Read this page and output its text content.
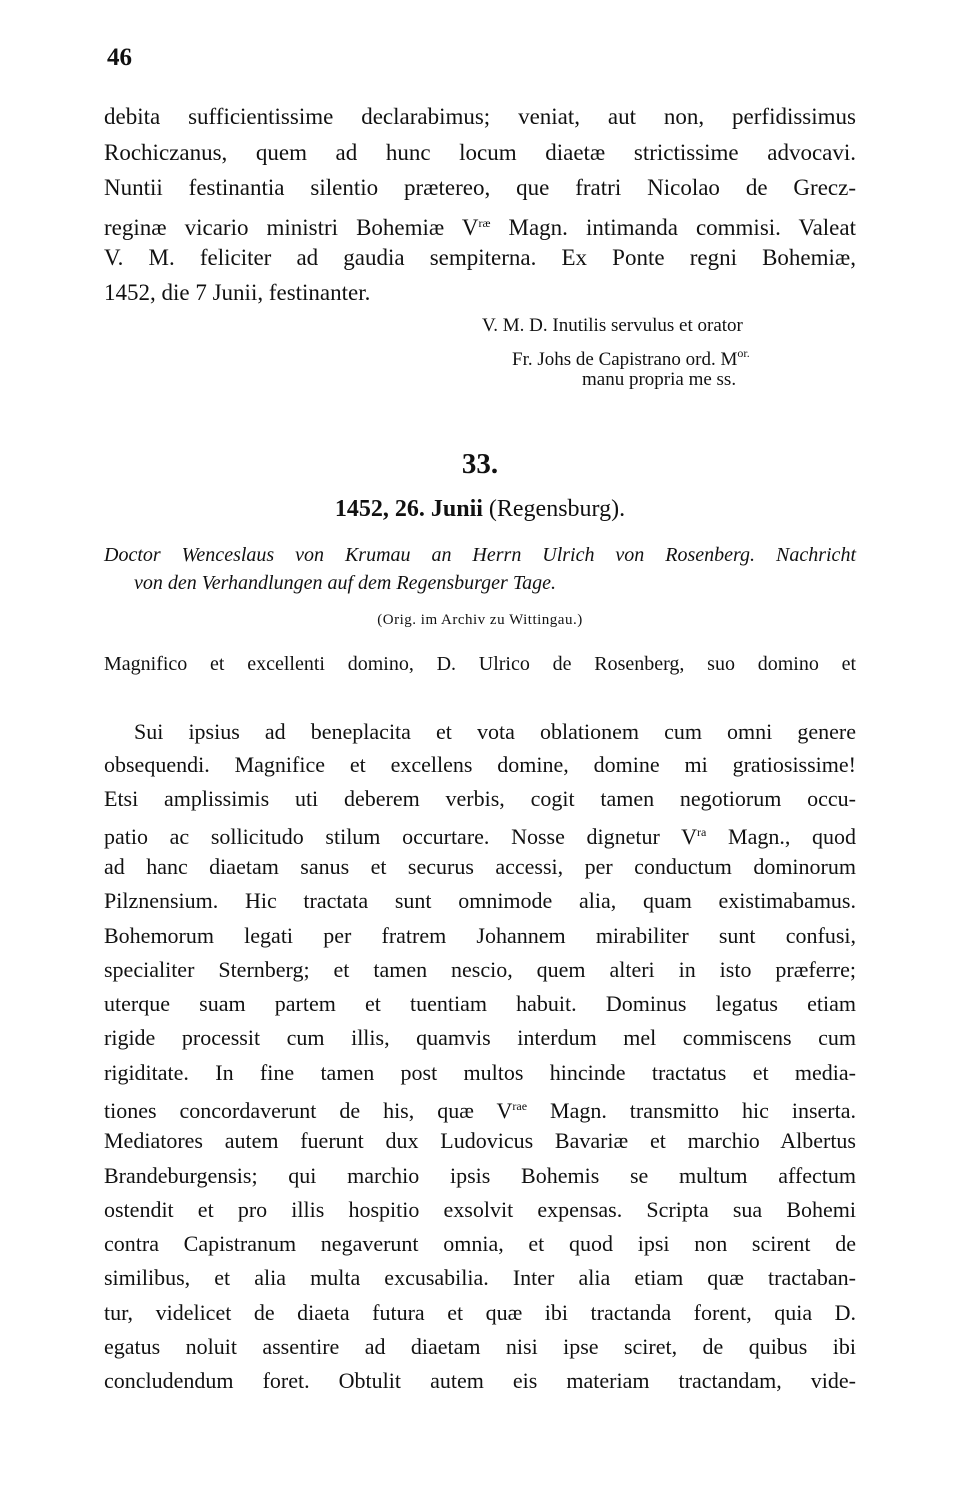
46
debita sufficientissime declarabimus; veniat, aut non, perfidissimus
Rochiczanus, quem ad hunc locum diaetæ strictissime advocavi.
Nuntii festinantia silentio prætereo, que fratri Nicolao de Grecz-
reginæ vicario ministri Bohemiæ $V^{ræ}$ Magn. intimanda commisi. Valeat
V. M. feliciter ad gaudia sempiterna. Ex Ponte regni Bohemiæ,
1452, die 7 Junii, festinanter.
V. M. D. Inutilis servulus et orator
Fr. Johs de Capistrano ord. $M^{or.}$
manu propria me ss.
33.
1452, 26. Junii (Regensburg).
Doctor Wenceslaus von Krumau an Herrn Ulrich von Rosenberg. Nachricht
von den Verhandlungen auf dem Regensburger Tage.
(Orig. im Archiv zu Wittingau.)
Magnifico et excellenti domino, D. Ulrico de Rosenberg, suo domino et
Sui ipsius ad beneplacita et vota oblationem cum omni genere
obsequendi. Magnifice et excellens domine, domine mi gratiosissime!
Etsi amplissimis uti deberem verbis, cogit tamen negotiorum occu-
patio ac sollicitudo stilum occurtare. Nosse dignetur $V^{ra}$ Magn., quod
ad hanc diaetam sanus et securus accessi, per conductum dominorum
Pilznensium. Hic tractata sunt omnimode alia, quam existimabamus.
Bohemorum legati per fratrem Johannem mirabiliter sunt confusi,
specialiter Sternberg; et tamen nescio, quem alteri in isto præferre;
uterque suam partem et tuentiam habuit. Dominus legatus etiam
rigide processit cum illis, quamvis interdum mel commiscens cum
rigiditate. In fine tamen post multos hincinde tractatus et media-
tiones concordaverunt de his, quæ $V^{rae}$ Magn. transmitto hic inserta.
Mediatores autem fuerunt dux Ludovicus Bavariæ et marchio Albertus
Brandeburgensis; qui marchio ipsis Bohemis se multum affectum
ostendit et pro illis hospitio exsolvit expensas. Scripta sua Bohemi
contra Capistranum negaverunt omnia, et quod ipsi non scirent de
similibus, et alia multa excusabilia. Inter alia etiam quæ tractaban-
tur, videlicet de diaeta futura et quæ ibi tractanda forent, quia D.
egatus noluit assentire ad diaetam nisi ipse sciret, de quibus ibi
concludendum foret. Obtulit autem eis materiam tractandam, vide-
